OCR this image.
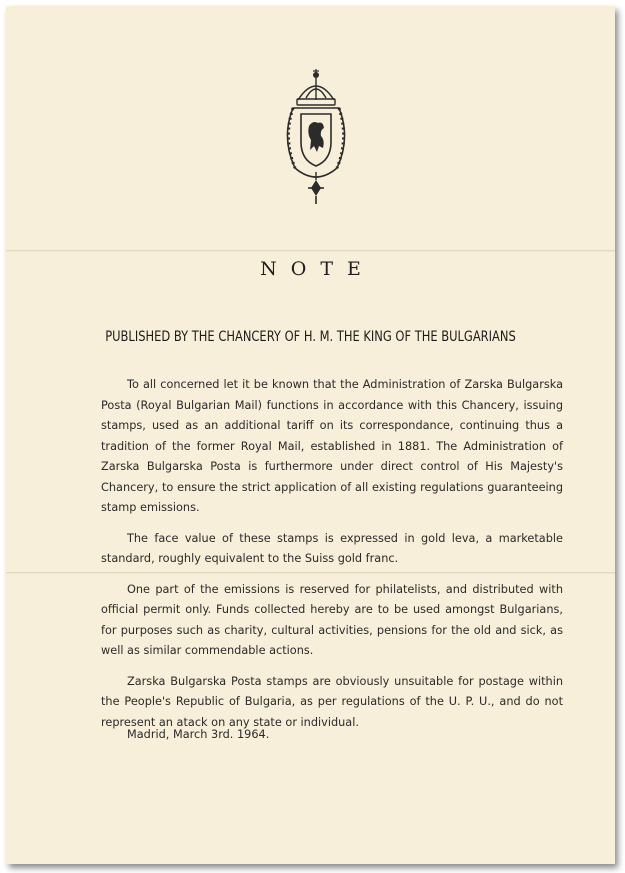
NOTE
PUBLISHED BY THE CHANCERY OF H. M. THE KING OF THE BULGARIANS

To all concerned let it be known that the Administration of Zarska Bulgarska Posta (Royal Bulgarian Mail) functions in accordance with this Chancery, issuing stamps, used as an additional tariff on its correspondance, continuing thus a tradition of the former Royal Mail, established in 1881. The Administration of Zarska Bulgarska Posta is furthermore under direct control of His Majesty's Chancery, to ensure the strict application of all existing regulations guaranteeing stamp emissions.

The face value of these stamps is expressed in gold leva, a marketable standard, roughly equivalent to the Suiss gold franc.

One part of the emissions is reserved for philatelists, and distributed with official permit only. Funds collected hereby are to be used amongst Bulgarians, for purposes such as charity, cultural activities, pensions for the old and sick, as well as similar commendable actions.

Zarska Bulgarska Posta stamps are obviously unsuitable for postage within the People's Republic of Bulgaria, as per regulations of the U. P. U., and do not represent an atack on any state or individual.

Madrid, March 3rd. 1964.
